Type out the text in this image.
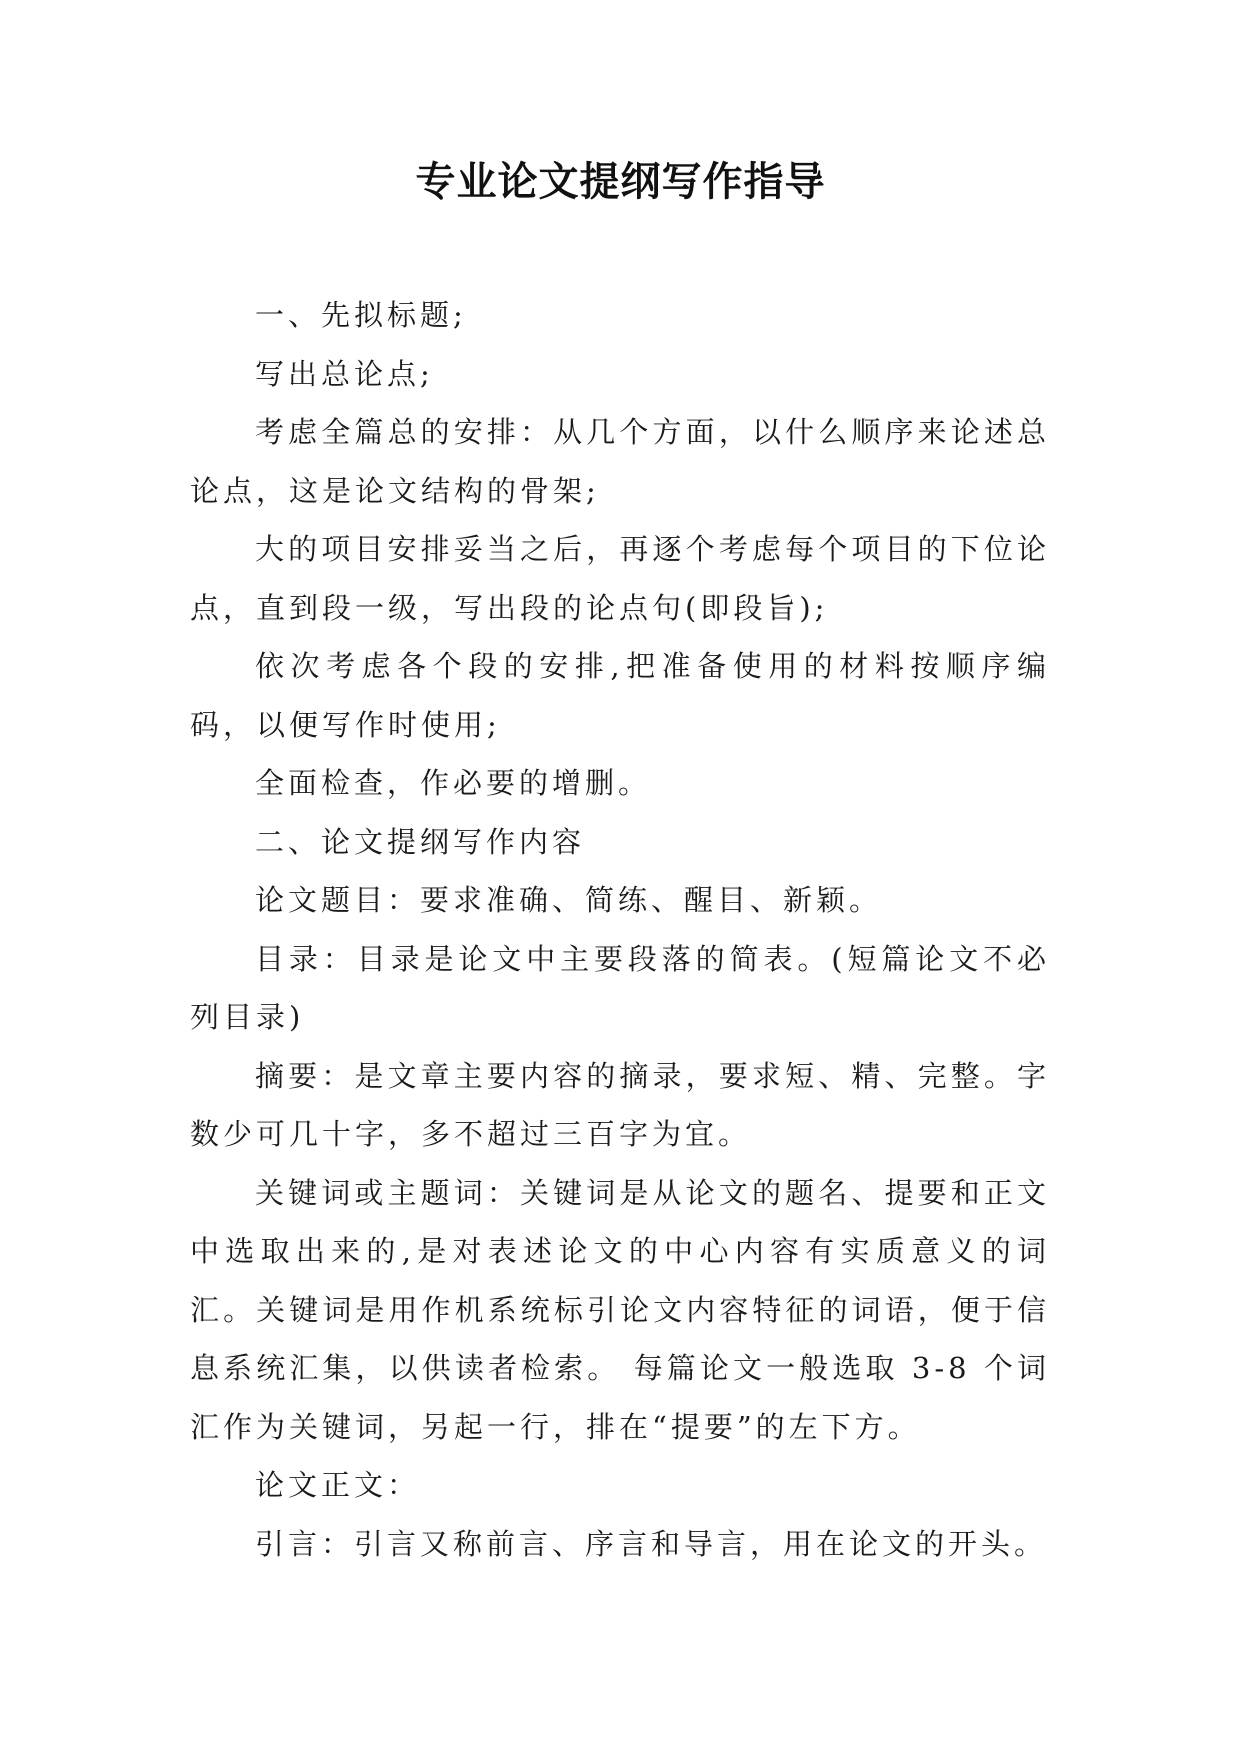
专业论文提纲写作指导

一、先拟标题;

写出总论点;

考虑全篇总的安排：从几个方面，以什么顺序来论述总论点，这是论文结构的骨架;

大的项目安排妥当之后，再逐个考虑每个项目的下位论点，直到段一级，写出段的论点句(即段旨);

依次考虑各个段的安排,把准备使用的材料按顺序编码，以便写作时使用;

全面检查，作必要的增删。

二、论文提纲写作内容

论文题目：要求准确、简练、醒目、新颖。

目录：目录是论文中主要段落的简表。(短篇论文不必列目录)

摘要：是文章主要内容的摘录，要求短、精、完整。字数少可几十字，多不超过三百字为宜。

关键词或主题词：关键词是从论文的题名、提要和正文中选取出来的,是对表述论文的中心内容有实质意义的词汇。关键词是用作机系统标引论文内容特征的词语，便于信息系统汇集，以供读者检索。 每篇论文一般选取 3-8 个词汇作为关键词，另起一行，排在“提要”的左下方。

论文正文：

引言：引言又称前言、序言和导言，用在论文的开头。
